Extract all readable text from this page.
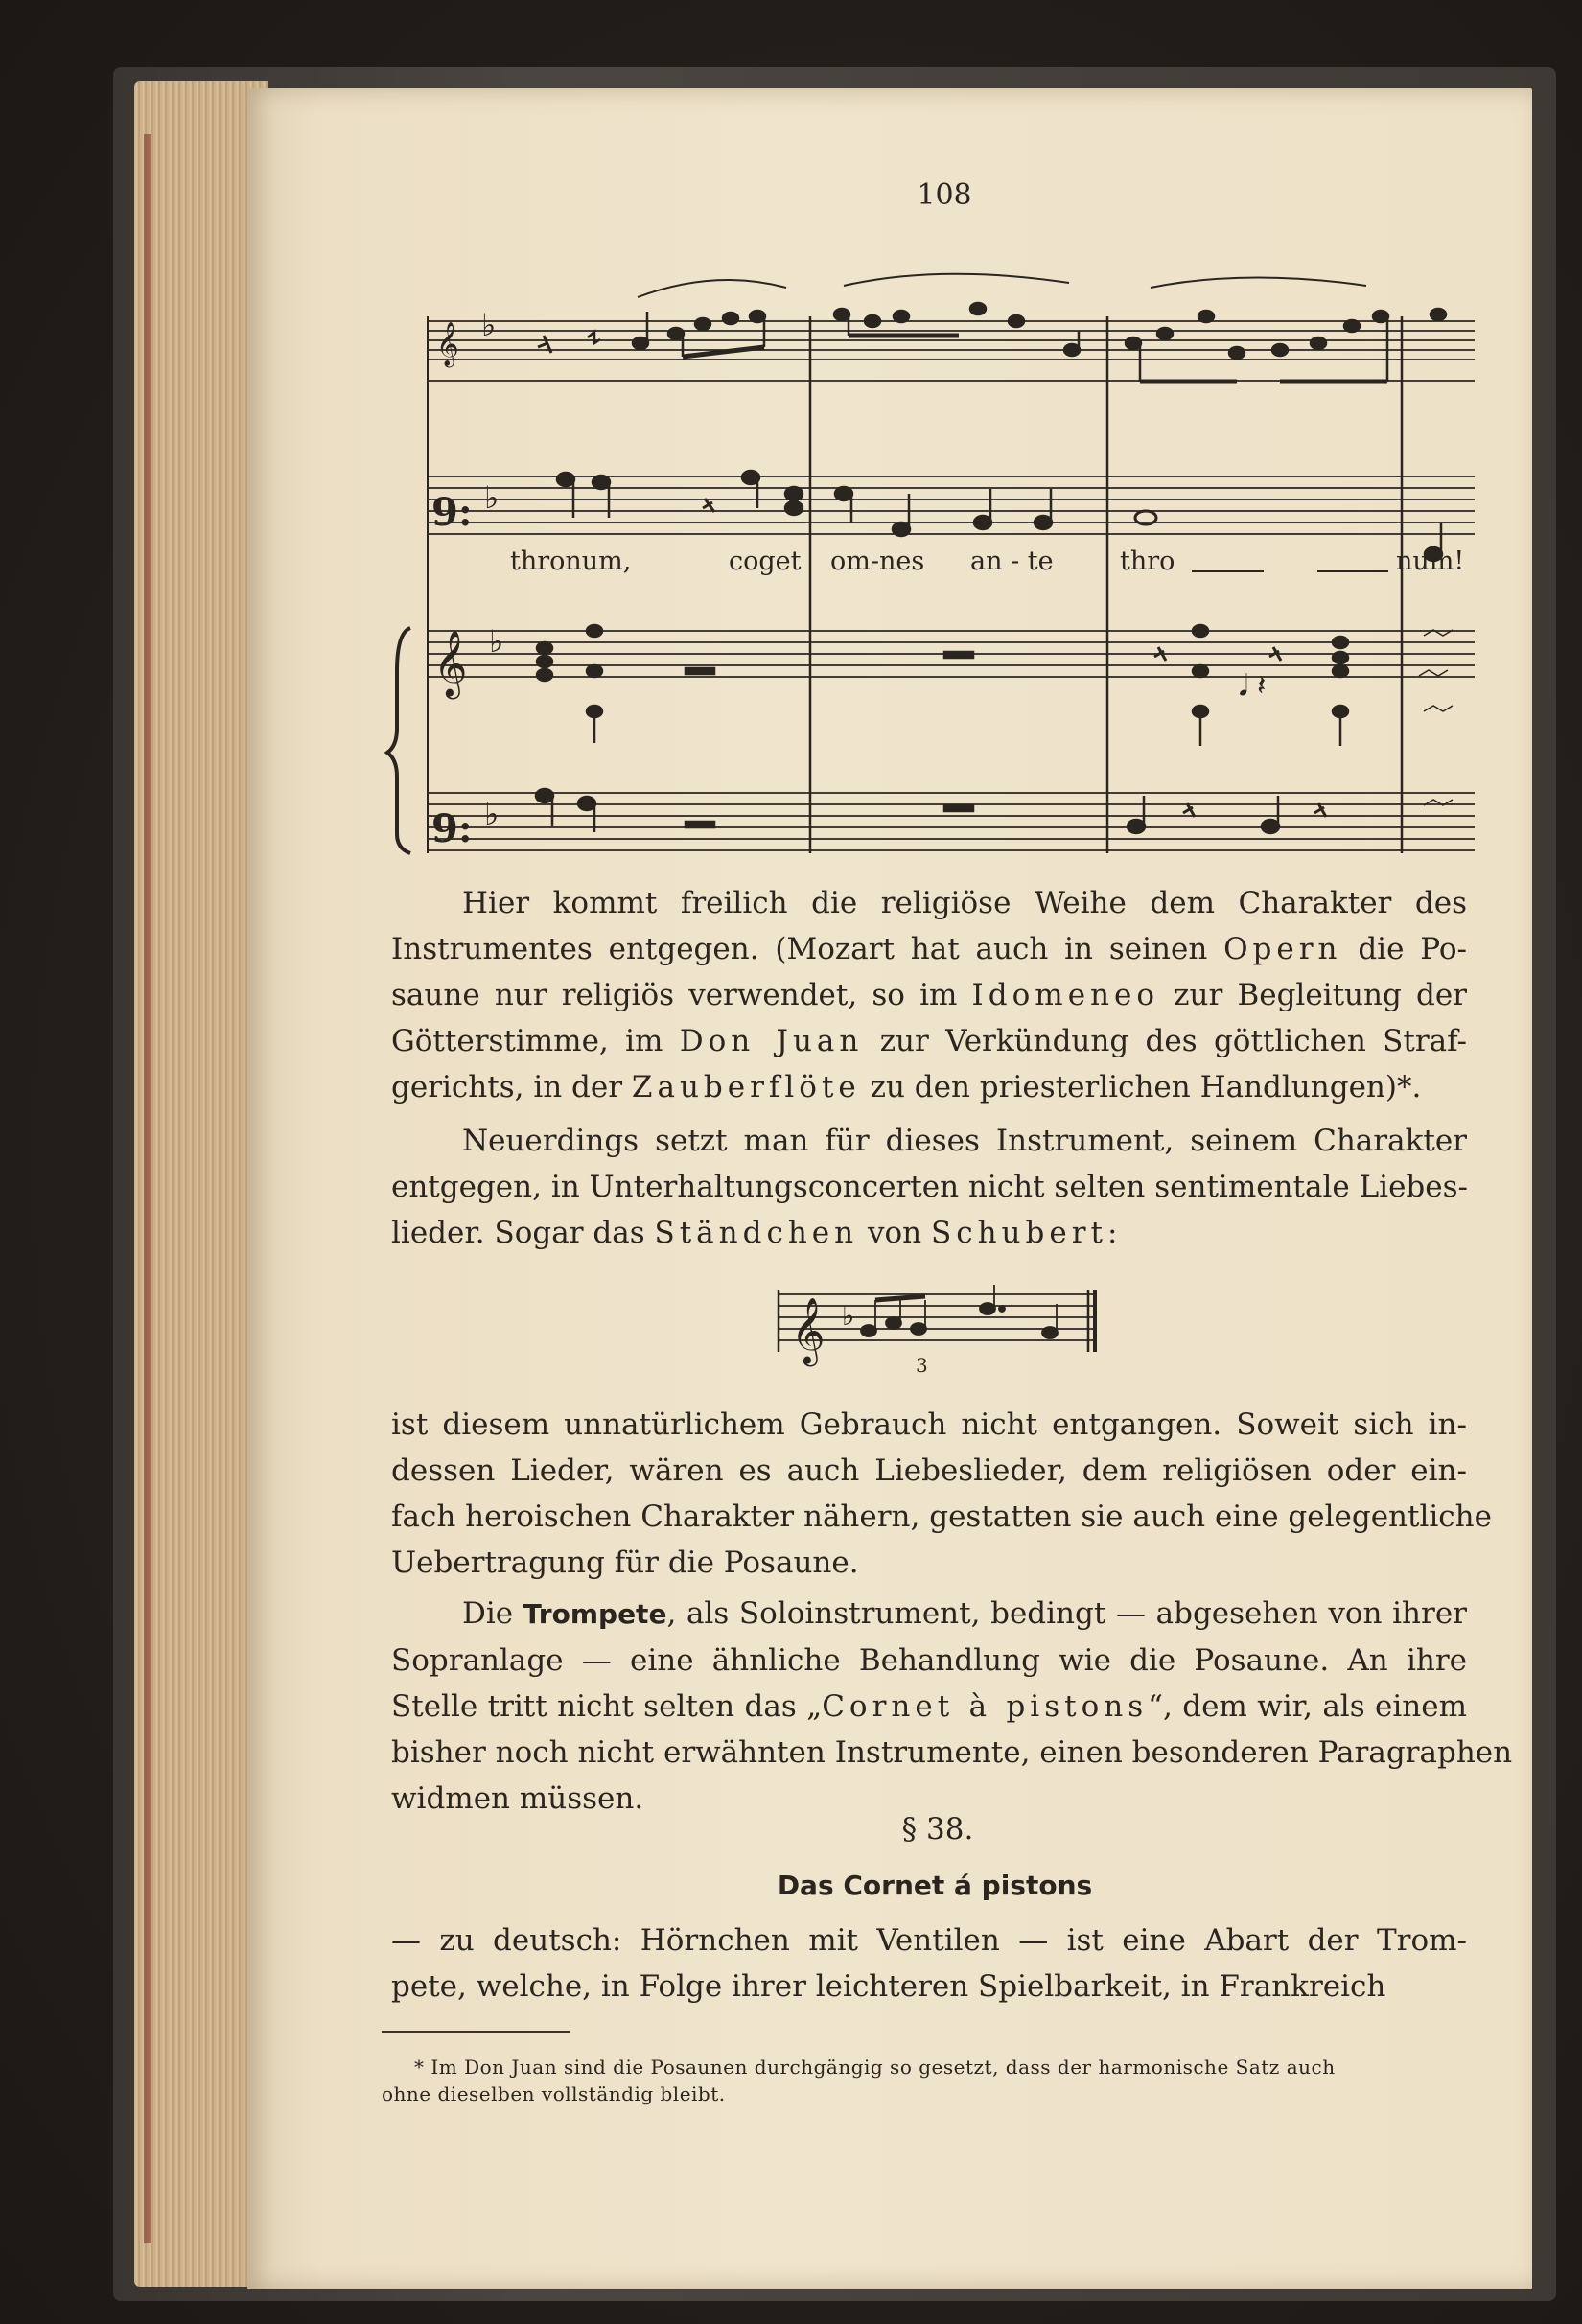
108
𝄞
9:
𝄞
9:
♭
♭
♭
♭
𝅘𝅥 𝄽
𝄞 ♭
thronum,	coget om-nes an - te	thro	num!
3
Hier kommt freilich die religiöse Weihe dem Charakter des
Instrumentes entgegen. (Mozart hat auch in seinen Opern die Po-
saune nur religiös verwendet, so im Idomeneo zur Begleitung der
Götterstimme, im Don Juan zur Verkündung des göttlichen Straf-
gerichts, in der Zauberflöte zu den priesterlichen Handlungen)*.
Neuerdings setzt man für dieses Instrument, seinem Charakter
entgegen, in Unterhaltungsconcerten nicht selten sentimentale Liebes-
lieder. Sogar das Ständchen von Schubert:
ist diesem unnatürlichem Gebrauch nicht entgangen. Soweit sich in-
dessen Lieder, wären es auch Liebeslieder, dem religiösen oder ein-
fach heroischen Charakter nähern, gestatten sie auch eine gelegentliche
Uebertragung für die Posaune.
Die Trompete, als Soloinstrument, bedingt — abgesehen von ihrer
Sopranlage — eine ähnliche Behandlung wie die Posaune. An ihre
Stelle tritt nicht selten das „Cornet à pistons“, dem wir, als einem
bisher noch nicht erwähnten Instrumente, einen besonderen Paragraphen
widmen müssen.
— zu deutsch: Hörnchen mit Ventilen — ist eine Abart der Trom-
pete, welche, in Folge ihrer leichteren Spielbarkeit, in Frankreich
§ 38.
Das Cornet á pistons
* Im Don Juan sind die Posaunen durchgängig so gesetzt, dass der harmonische Satz auch
ohne dieselben vollständig bleibt.
